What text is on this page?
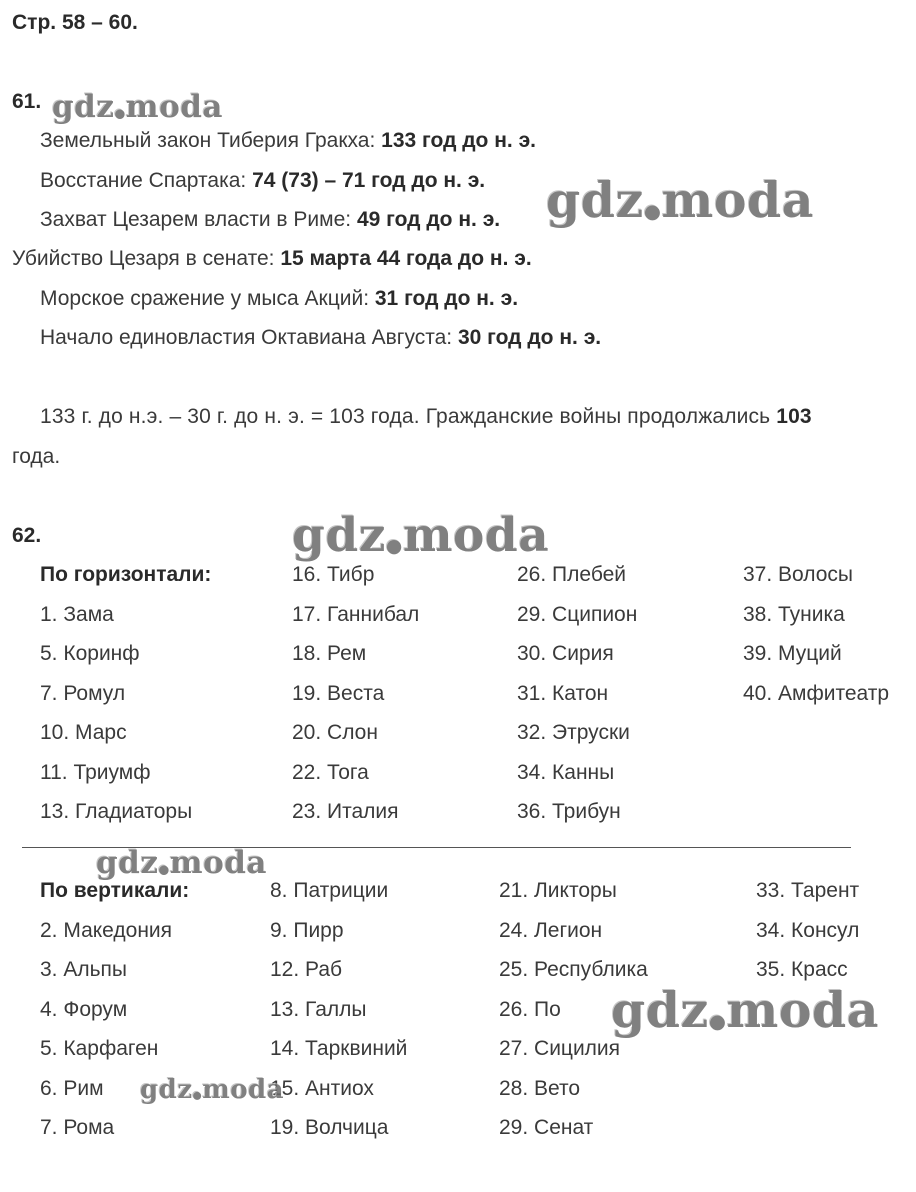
Стр. 58 – 60.
61.
Земельный закон Тиберия Гракха: 133 год до н. э.
Восстание Спартака: 74 (73) – 71 год до н. э.
Захват Цезарем власти в Риме: 49 год до н. э.
Убийство Цезаря в сенате: 15 марта 44 года до н. э.
Морское сражение у мыса Акций: 31 год до н. э.
Начало единовластия Октавиана Августа: 30 год до н. э.
133 г. до н.э. – 30 г. до н. э. = 103 года. Гражданские войны продолжались 103
года.
62.
По горизонтали:
1. Зама
5. Коринф
7. Ромул
10. Марс
11. Триумф
13. Гладиаторы
16. Тибр
17. Ганнибал
18. Рем
19. Веста
20. Слон
22. Тога
23. Италия
26. Плебей
29. Сципион
30. Сирия
31. Катон
32. Этруски
34. Канны
36. Трибун
37. Волосы
38. Туника
39. Муций
40. Амфитеатр
По вертикали:
2. Македония
3. Альпы
4. Форум
5. Карфаген
6. Рим
7. Рома
8. Патриции
9. Пирр
12. Раб
13. Галлы
14. Тарквиний
15. Антиох
19. Волчица
21. Ликторы
24. Легион
25. Республика
26. По
27. Сицилия
28. Вето
29. Сенат
33. Тарент
34. Консул
35. Красс
gdz●moda
gdz●moda
gdz●moda
gdz●moda
gdz●moda
gdz●moda
